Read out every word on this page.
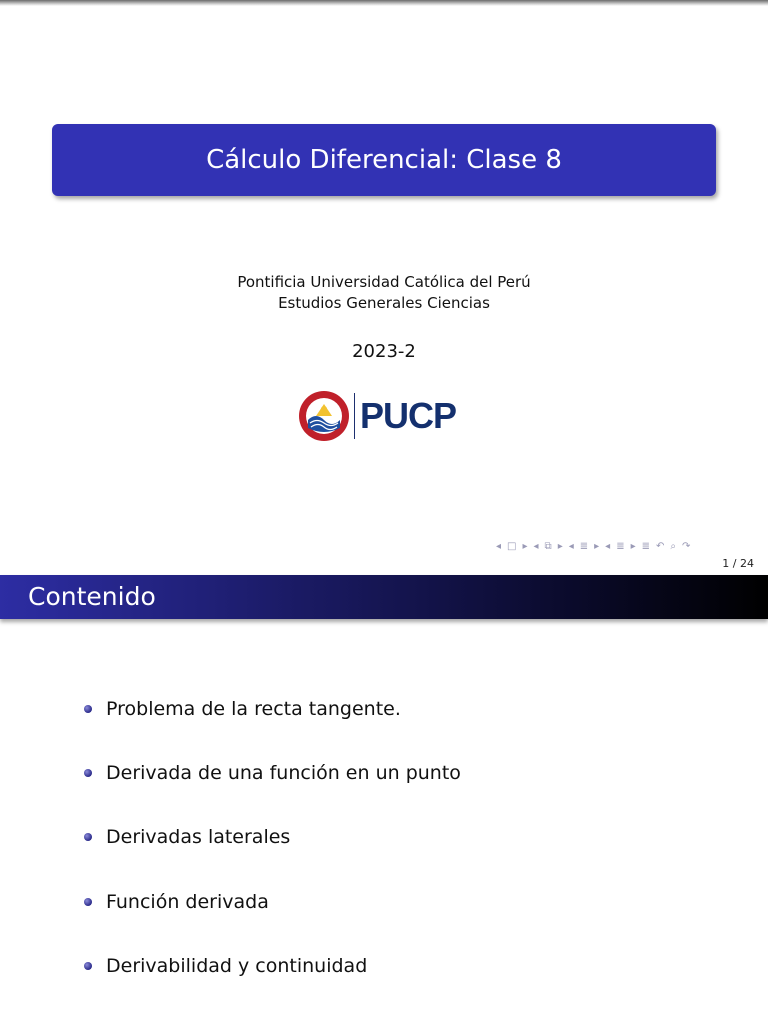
Cálculo Diferencial: Clase 8
Pontificia Universidad Católica del Perú
Estudios Generales Ciencias
2023-2
PUCP
◂ □ ▸ ◂ ⧉ ▸ ◂ ≣ ▸ ◂ ≣ ▸ ≣ ↶ ⌕ ↷
1 / 24
Contenido
Problema de la recta tangente.
Derivada de una función en un punto
Derivadas laterales
Función derivada
Derivabilidad y continuidad
